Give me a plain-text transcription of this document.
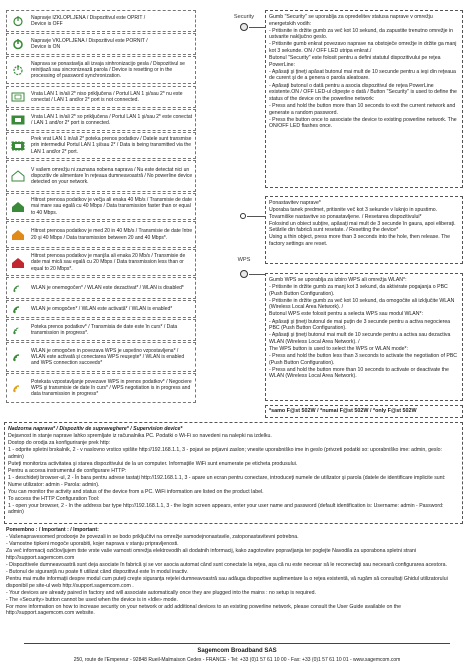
Napravje IZKLOPLJENA / Dispozitivul este OPRIT /
Device is OFF
Napravje VKLOPLJENA / Dispozitivul este PORNIT /
Device is ON
Naprava se ponastavlja ali izvaja sinhronizacijo gesla / Dispozitivul se reiniţiază sau sincronizează parola / Device is resetting or in the processing of password synchronization.
Vrata LAN 1 in/ali 2* niso priključena / Portul LAN 1 şi/sau 2* nu este conectat / LAN 1 and/or 2* port is not connected.
Vrata LAN 1 in/ali 2* so priključena / Portul LAN 1 şi/sau 2* este conectat / LAN 1 and/or 2* port is connected.
Prek vrat LAN 1 in/ali 2* poteka prenos podatkov / Datele sunt transmise prin intermediul Portul LAN 1 şi/sau 2* / Data is being transmitted via the LAN 1 and/or 2* port.
V vašem omrežju ni zaznana nobena naprava / Nu este detectat nici un dispozitiv de alimentare în reţeaua dumneavoastră / No powerline device detected on your network.
Hitrost prenosa podatkov je večja ali enaka 40 Mb/s / Transmisie de date mai mare sau egală cu 40 Mbps / Data transmission faster than or equal to 40 Mbps.
Hitrost prenosa podatkov je med 20 in 40 Mb/s / Transmisie de date între 20 şi 40 Mbps / Data transmission between 20 and 40 Mbps*.
Hitrost prenosa podatkov je manjša ali enaka 20 Mb/s / Transmisie de date mai mică sau egală cu 20 Mbps / Data transmission less than or equal to 20 Mbps*.
WLAN je onemogočen* / WLAN este dezactivat* / WLAN is disabled*
WLAN je omogočen* / WLAN este activată* / WLAN is enabled*
Poteka prenos podatkov* / Transmisia de date este în curs* / Data transmission in progress*.
WLAN je omogočen in povezava WPS je uspešno vzpostavljena* / WLAN este activată şi conectarea WPS reuşeşte* / WLAN is enabled and WPS connection succeeds*
Potekata vzpostavljanje povezave WPS in prenos podatkov* / Negociere WPS şi transmisie de date în curs* / WPS negotiation is in progress and data transmission in progress*
Security
WPS
Gumb "Security" se uporablja za opredelitev statusa naprave v omrežju energetskih vodih:
- Pritisnite in držite gumb za več kot 10 sekund, da zapustite trenutno omrežje in ustvarite naključno geslo.
- Pritisnite gumb enkrat povezavo naprave na obstoječe omrežje in držite ga manj kot 3 sekunde. ON / OFF LED utripa enkrat./
Butonul "Security" este folosit pentru a defini statutul dispozitivului pe reţea PowerLine:
- Apăsaţi şi ţineţi apăsat butonul mai mult de 10 secunde pentru a ieşi din reţeaua de curent şi de a genera o parola aleatoare.
- Apăsaţi butonul o dată pentru a asocia dispozitivul de reţea PowerLine existente.ON / OFF LED-ul clipeşte o dată / Button "Security" is used to define the status of the device on the powerline network:
- Press and hold the button more than 10 seconds to exit the current network and generate a random password.
- Press the button once to associate the device to existing powerline network. The ON/OFF LED flashes once.
Ponastavitev naprave*
Uporaba tanek predmet, pritisnite več kot 3 sekunde v luknjo in spustimo. Tovarniške nastavitve so ponastavljene. / Resetarea dispozitivului*
Folosind un obiect subţire, apăsaţi mai mult de 3 secunde în gaura, apoi eliberaţi. Setările din fabrică sunt resetate. / Resetting the device*
Using a thin object, press more than 3 seconds into the hole, then release. The factory settings are reset.
Gumb WPS se uporablja za izbiro WPS ali omrežja WLAN*:
- Pritisnite in držite gumb za manj kot 3 sekund, da aktivirate pogajanja o PBC (Push Button Configuration).
- Pritisnite in držite gumb za več kot 10 sekund, da omogočite ali izključite WLAN (Wireless Local Area Network). /
Butonul WPS este folosit pentru a selecta WPS sau modul WLAN*:
- Apăsaţi şi ţineţi butonul de mai puţin de 3 secunde pentru a activa negocierea PBC (Push Button Configuration).
- Apăsaţi şi ţineţi butonul mai mult de 10 secunde pentru a activa sau dezactiva WLAN (Wireless Local Area Network). /
The WPS button is used to select the WPS or WLAN mode*:
- Press and hold the button less than 3 seconds to activate the negotiation of PBC (Push Button Configuration).
- Press and hold the button more than 10 seconds to activate or deactivate the WLAN (Wireless Local Area Network).
*samo F@st 502W / *numai F@st 502W / *only F@st 502W
Nadzorna naprava* / Dispozitiv de supraveghere* / Supervision device*
Dejavnost in stanje naprave lahko spremljate iz računalnika PC. Podatki o Wi-Fi so navedeni na nalepki na izdelku.
Dostop do orodja za konfiguriranje prek http:
1 - odprite spletni brskalnik, 2 - v naslovno vrstico vpišite http://192.168.1.1, 3 - pojavi se prijavni zaslon; vnesite uporabniško ime in geslo (privzeti podatki so: uporabniško ime: admin, geslo: admin)
Puteţi monitoriza activitatea şi starea dispozitivului de la un computer. Informaţiile WiFi sunt enumerate pe eticheta produsului.
Pentru a accesa instrumentul de configurare HTTP:
1 - deschideţi browser-ul, 2 - În bara pentru adrese tastaţi http://192.168.1.1, 3 - apare un ecran pentru conectare, introduceţi numele de utilizator şi parola (datele de identificare implicite sunt: Nume utilizator: admin - Parola: admin).
You can monitor the activity and status of the device from a PC. WiFi information are listed on the product label.
To access the HTTP Configuration Tool:
1 - open your browser, 2 - In the address bar type http://192.168.1.1, 3 - the login screen appears, enter your user name and password (default identification is: Username: admin - Password: admin)
Pomembno : / Important : / Important:
- Vašenapravesomed prodoorje že povezali in se bodo priključitvi na omrežje samodejnonastavile, zatoponastavitevni potrebna.
- Varnostne tipkeni mogoče uporabiti, kojer naprava v stanju pripravljenosti.
Za več informacij ozičlovljujem tiste vrste vaše varnosti omrežja elektrovodih ali dodatnih informacij, kako zagotovitev popravljanja ter poglejte Navodila za uporabona spletni strani http://support.sagemcom.com
- Dispozitivele dumneavoastră sunt deja asociate în fabrică şi se vor asocia automat când sunt conectate la reţea, aşa că nu este necesar să le reconectaţi sau necesară configurarea acestora.
- Butonul de siguranţă nu poate fi utilizat când dispozitivul este în modul inactiv.
Pentru mai multe informaţii despre modul cum puteţi creşte siguranţa reţelei dumneavoastră sau adăuga dispozitive suplimentare la o reţea existentă, vă rugăm să consultaţi Ghidul utilizatorului disponibil pe site-ul web http://support.sagemcom.com .
- Your devices are already paired in factory and will associate automatically once they are plugged into the mains : no setup is required.
- The «Security» button cannot be used when the device is in «Idle» mode.
For more information on how to increase security on your network or add additional devices to an existing powerline network, please consult the User Guide available on the http://support.sagemcom.com website.
Sagemcom Broadband SAS
250, route de l'Empereur - 92848 Rueil-Malmaison Cedex - FRANCE - Tel: +33 (0)1 57 61 10 00 - Fax: +33 (0)1 57 61 10 01 - www.sagemcom.com
